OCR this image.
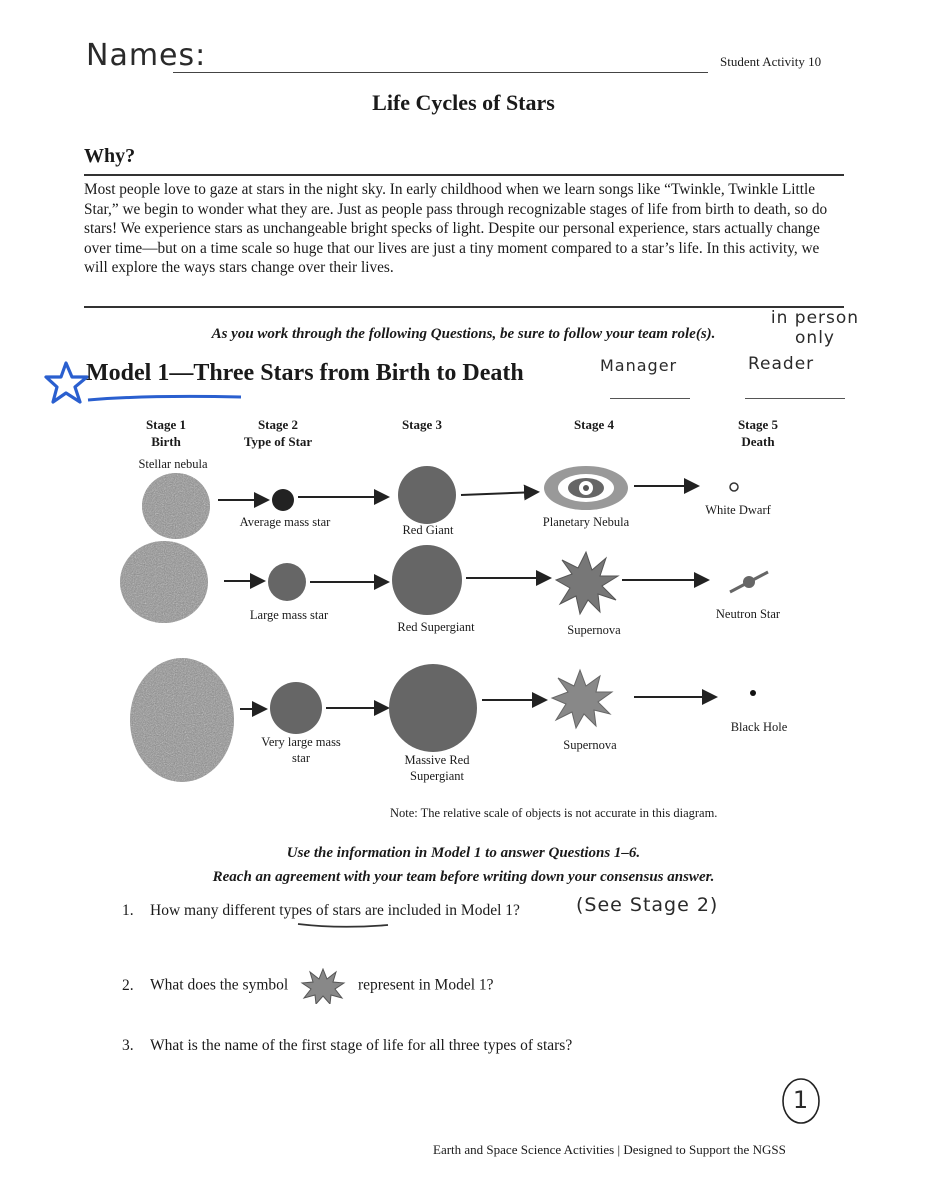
Names:	Student Activity 10
Life Cycles of Stars
Why?
Most people love to gaze at stars in the night sky. In early childhood when we learn songs like “Twinkle, Twinkle Little Star,” we begin to wonder what they are. Just as people pass through recognizable stages of life from birth to death, so do stars! We experience stars as unchangeable bright specks of light. Despite our personal experience, stars actually change over time—but on a time scale so huge that our lives are just a tiny moment compared to a star’s life. In this activity, we will explore the ways stars change over their lives.
As you work through the following Questions, be sure to follow your team role(s).
in person only
Manager	Reader
Model 1—Three Stars from Birth to Death
Stage 1
Birth
Stage 2
Type of Star
Stage 3	Stage 4	Stage 5
Death
Stellar nebula
Average mass star
Red Giant
Planetary Nebula
White Dwarf
Large mass star
Red Supergiant	Supernova
Neutron Star
Very large mass star	Massive Red Supergiant
Supernova
Black Hole
Note: The relative scale of objects is not accurate in this diagram.
Use the information in Model 1 to answer Questions 1–6.
Reach an agreement with your team before writing down your consensus answer.
1. How many different types of stars are included in Model 1?	(See Stage 2)
2. What does the symbol	represent in Model 1?
3. What is the name of the first stage of life for all three types of stars?
1
Earth and Space Science Activities | Designed to Support the NGSS
